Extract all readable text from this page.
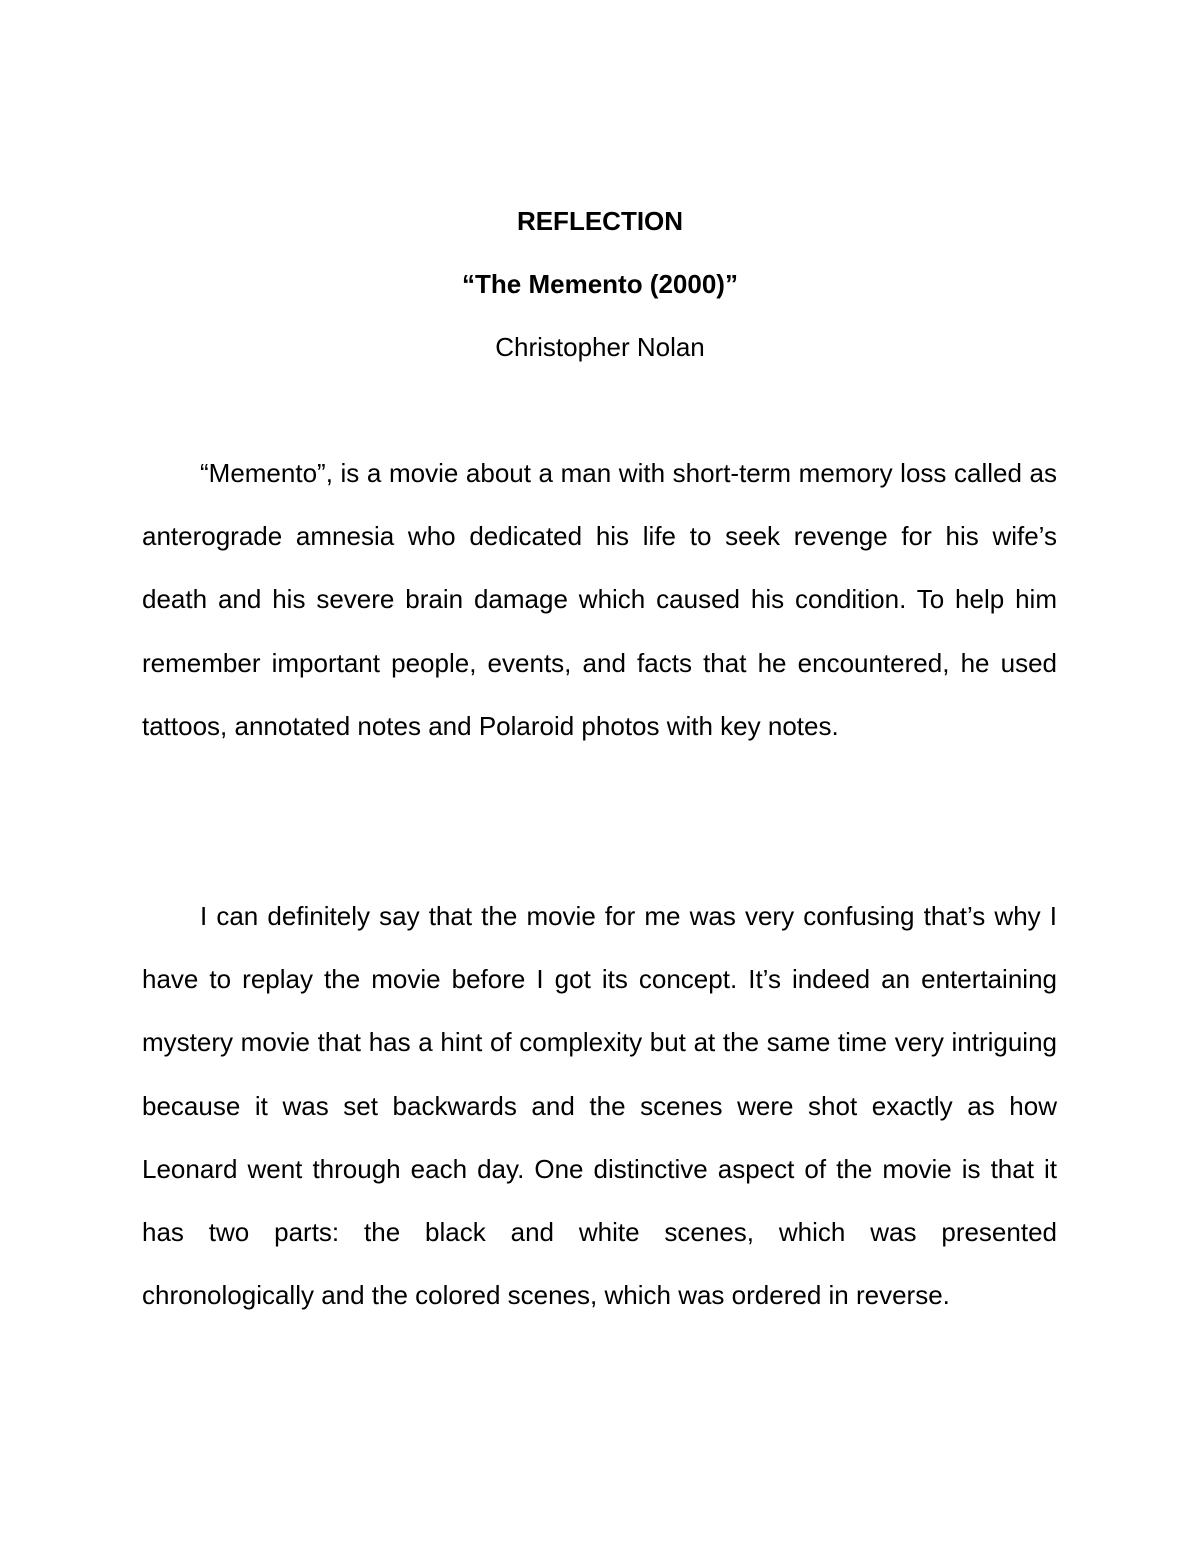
REFLECTION
“The Memento (2000)”
Christopher Nolan

“Memento”, is a movie about a man with short-term memory loss called as anterograde amnesia who dedicated his life to seek revenge for his wife’s death and his severe brain damage which caused his condition. To help him remember important people, events, and facts that he encountered, he used tattoos, annotated notes and Polaroid photos with key notes.

I can definitely say that the movie for me was very confusing that’s why I have to replay the movie before I got its concept. It’s indeed an entertaining mystery movie that has a hint of complexity but at the same time very intriguing because it was set backwards and the scenes were shot exactly as how Leonard went through each day. One distinctive aspect of the movie is that it has two parts: the black and white scenes, which was presented chronologically and the colored scenes, which was ordered in reverse.
